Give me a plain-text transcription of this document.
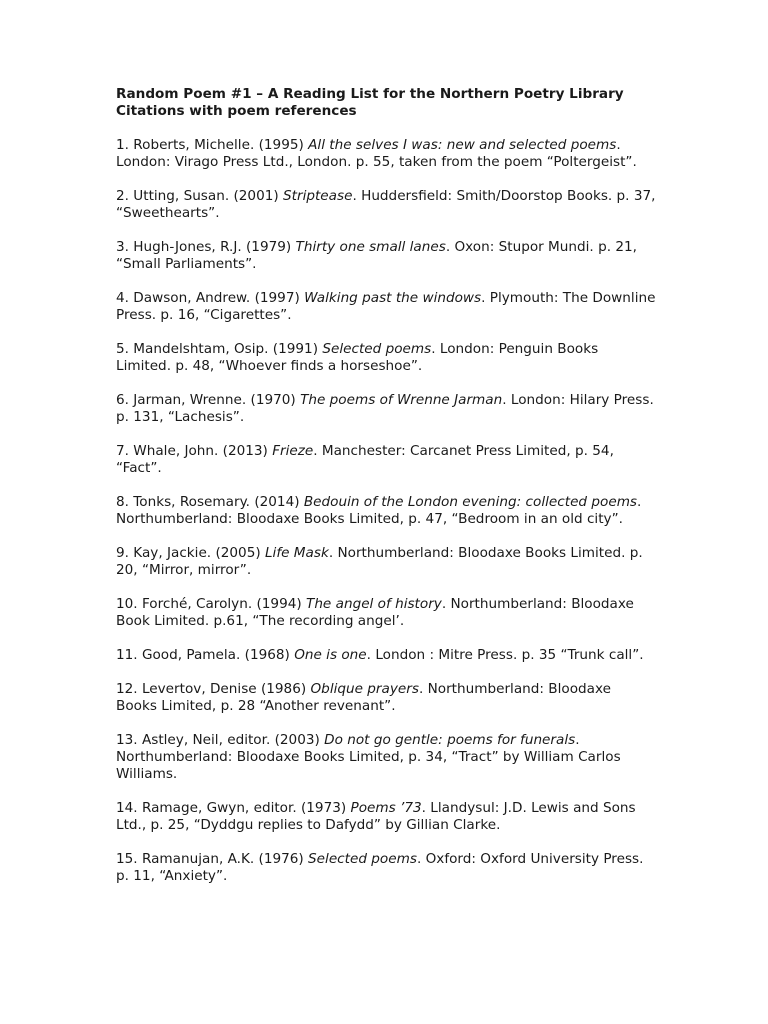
Random Poem #1 – A Reading List for the Northern Poetry Library
Citations with poem references

1. Roberts, Michelle. (1995) All the selves I was: new and selected poems. London: Virago Press Ltd., London. p. 55, taken from the poem “Poltergeist”.

2. Utting, Susan. (2001) Striptease. Huddersfield: Smith/Doorstop Books. p. 37, “Sweethearts”.

3. Hugh-Jones, R.J. (1979) Thirty one small lanes. Oxon: Stupor Mundi. p. 21, “Small Parliaments”.

4. Dawson, Andrew. (1997) Walking past the windows. Plymouth: The Downline Press. p. 16, “Cigarettes”.

5. Mandelshtam, Osip. (1991) Selected poems. London: Penguin Books Limited. p. 48, “Whoever finds a horseshoe”.

6. Jarman, Wrenne. (1970) The poems of Wrenne Jarman. London: Hilary Press. p. 131, “Lachesis”.

7. Whale, John. (2013) Frieze. Manchester: Carcanet Press Limited, p. 54, “Fact”.

8. Tonks, Rosemary. (2014) Bedouin of the London evening: collected poems. Northumberland: Bloodaxe Books Limited, p. 47, “Bedroom in an old city”.

9. Kay, Jackie. (2005) Life Mask. Northumberland: Bloodaxe Books Limited. p. 20, “Mirror, mirror”.

10. Forché, Carolyn. (1994) The angel of history. Northumberland: Bloodaxe Book Limited. p.61, “The recording angel’.

11. Good, Pamela. (1968) One is one. London : Mitre Press. p. 35 “Trunk call”.

12. Levertov, Denise (1986) Oblique prayers. Northumberland: Bloodaxe Books Limited, p. 28 “Another revenant”.

13. Astley, Neil, editor. (2003) Do not go gentle: poems for funerals. Northumberland: Bloodaxe Books Limited, p. 34, “Tract” by William Carlos Williams.

14. Ramage, Gwyn, editor. (1973) Poems ’73. Llandysul: J.D. Lewis and Sons Ltd., p. 25, “Dyddgu replies to Dafydd” by Gillian Clarke.

15. Ramanujan, A.K. (1976) Selected poems. Oxford: Oxford University Press. p. 11, “Anxiety”.
